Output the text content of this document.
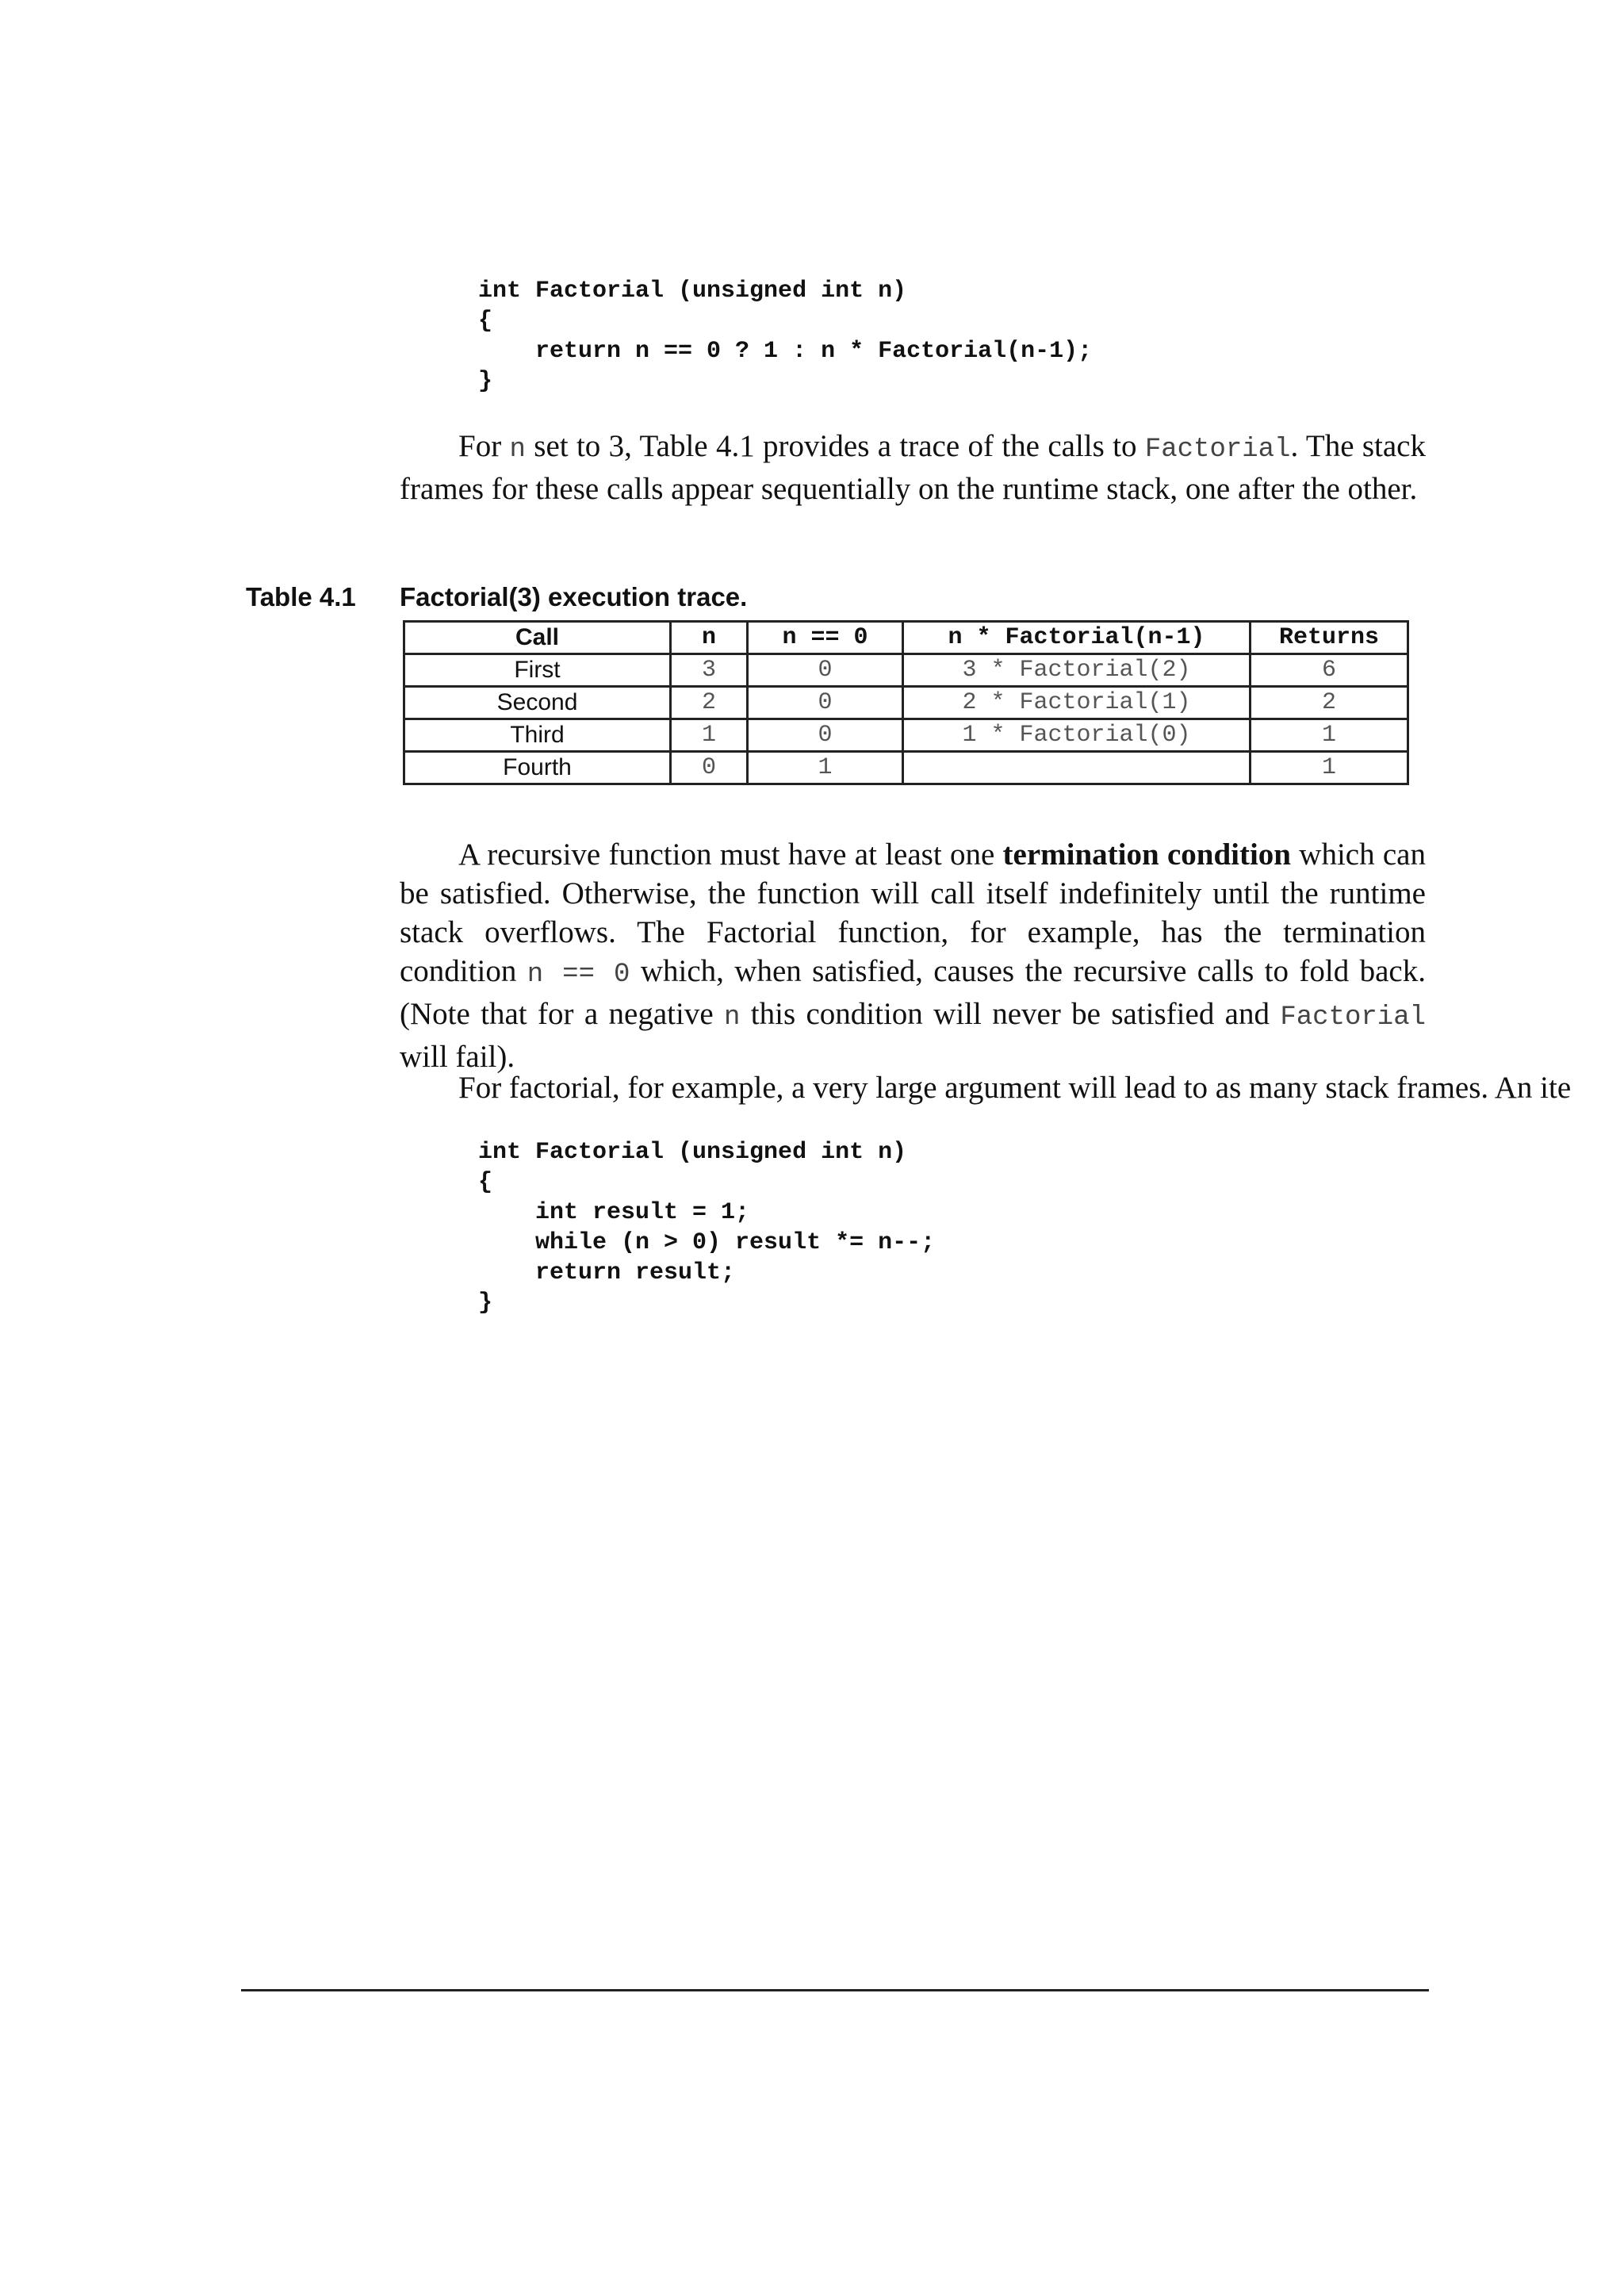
int Factorial (unsigned int n)
{
return n == 0 ? 1 : n * Factorial(n-1);
}

For n set to 3, Table 4.1 provides a trace of the calls to Factorial. The stack frames for these calls appear sequentially on the runtime stack, one after the other.

Table 4.1 Factorial(3) execution trace.
Call	n	n == 0	n * Factorial(n-1)	Returns
First	3	0	3 * Factorial(2)	6
Second	2	0	2 * Factorial(1)	2
Third	1	0	1 * Factorial(0)	1
Fourth	0	1		1

A recursive function must have at least one termination condition which can be satisfied. Otherwise, the function will call itself indefinitely until the runtime stack overflows. The Factorial function, for example, has the termination condition n == 0 which, when satisfied, causes the recursive calls to fold back. (Note that for a negative n this condition will never be satisfied and Factorial will fail).

For factorial, for example, a very large argument will lead to as many stack frames. An ite
int Factorial (unsigned int n)
{
int result = 1;
while (n > 0) result *= n--;
return result;
}
